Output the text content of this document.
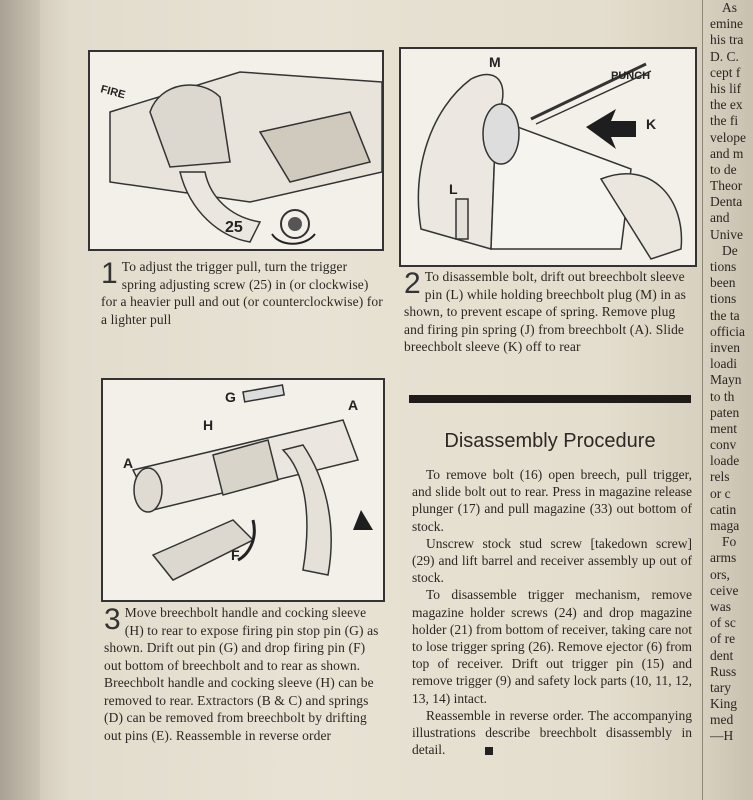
FIRE
25
M
PUNCH
K
L
G	A
H
A
F
1 To adjust the trigger pull, turn the trigger spring adjusting screw (25) in (or clockwise) for a heavier pull and out (or counterclockwise) for a lighter pull
2 To disassemble bolt, drift out breechbolt sleeve pin (L) while holding breechbolt plug (M) in as shown, to prevent escape of spring. Remove plug and firing pin spring (J) from breechbolt (A). Slide breechbolt sleeve (K) off to rear
3 Move breechbolt handle and cocking sleeve (H) to rear to expose firing pin stop pin (G) as shown. Drift out pin (G) and drop firing pin (F) out bottom of breechbolt and to rear as shown. Breechbolt handle and cocking sleeve (H) can be removed to rear. Extractors (B & C) and springs (D) can be removed from breechbolt by drifting out pins (E). Reassemble in reverse order
Disassembly Procedure

To remove bolt (16) open breech, pull trigger, and slide bolt out to rear. Press in magazine release plunger (17) and pull magazine (33) out bottom of stock.

Unscrew stock stud screw [takedown screw] (29) and lift barrel and receiver assembly up out of stock.

To disassemble trigger mechanism, remove magazine holder screws (24) and drop magazine holder (21) from bottom of receiver, taking care not to lose trigger spring (26). Remove ejector (6) from top of receiver. Drift out trigger pin (15) and remove trigger (9) and safety lock parts (10, 11, 12, 13, 14) intact.

Reassemble in reverse order. The accompanying illustrations describe breechbolt disassembly in detail.

As
emine
his tra
D. C.
cept f
his lif
the ex
the fi
velope
and m
to de
Theor
Denta
and
Unive
De
tions
been
tions
the ta
officia
inven
loadi
Mayn
to th
paten
ment
conv
loade
rels
or c
catin
maga
Fo
arms
ors,
ceive
was
of sc
of re
dent
Russ
tary
King
med
—H
